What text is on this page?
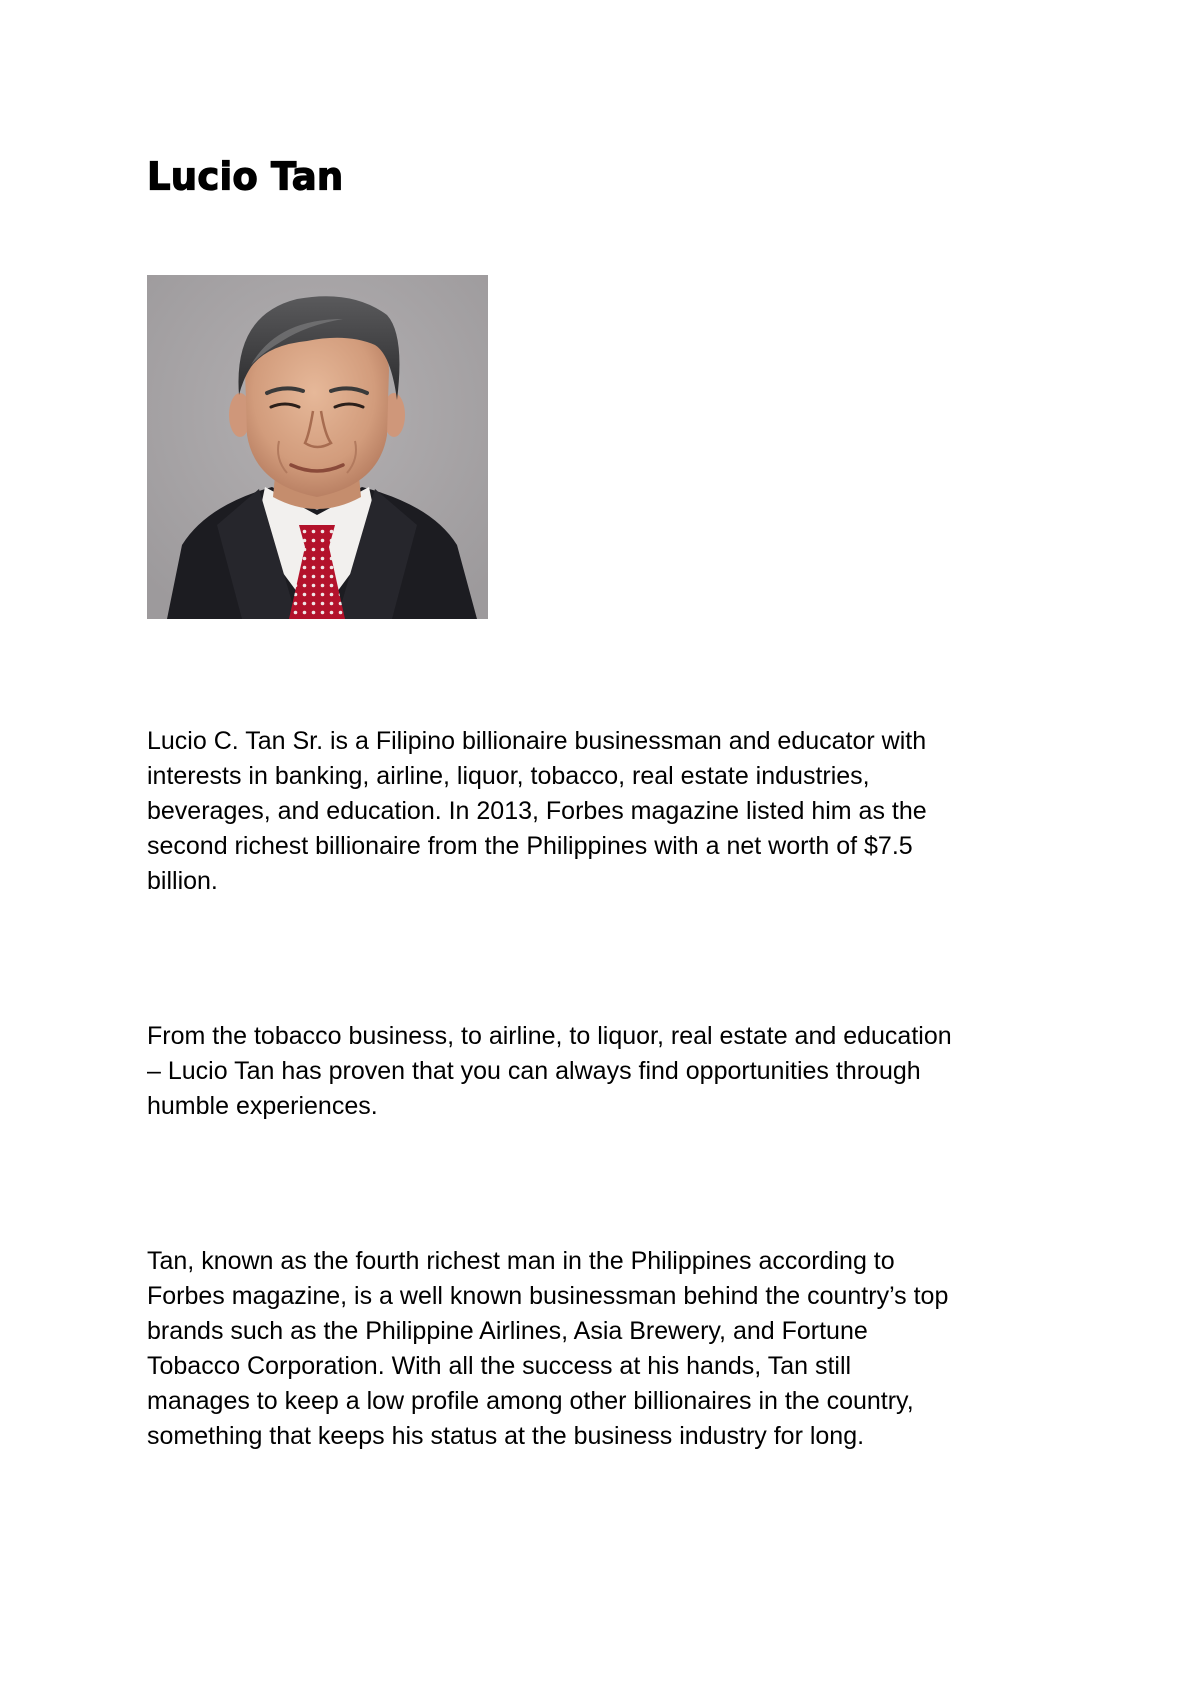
Lucio Tan

Lucio C. Tan Sr. is a Filipino billionaire businessman and educator with
interests in banking, airline, liquor, tobacco, real estate industries,
beverages, and education. In 2013, Forbes magazine listed him as the
second richest billionaire from the Philippines with a net worth of $7.5
billion.

From the tobacco business, to airline, to liquor, real estate and education
– Lucio Tan has proven that you can always find opportunities through
humble experiences.

Tan, known as the fourth richest man in the Philippines according to
Forbes magazine, is a well known businessman behind the country’s top
brands such as the Philippine Airlines, Asia Brewery, and Fortune
Tobacco Corporation. With all the success at his hands, Tan still
manages to keep a low profile among other billionaires in the country,
something that keeps his status at the business industry for long.
